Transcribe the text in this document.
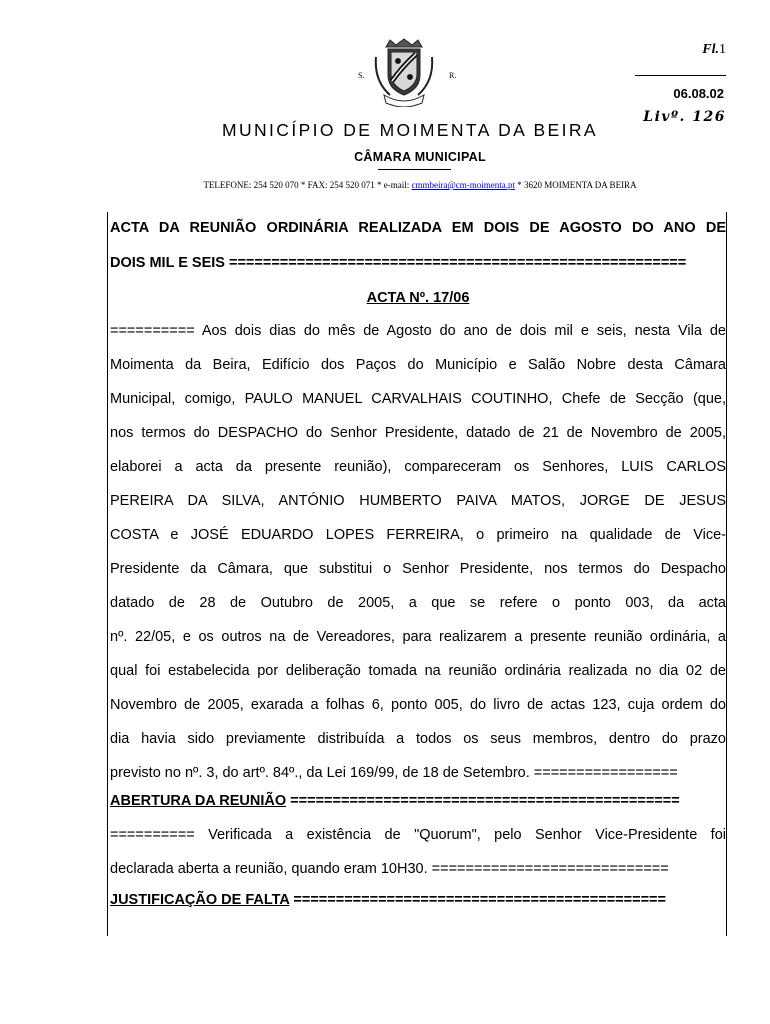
S.	R.
Fl.1
06.08.02
Livº. 126
MUNICÍPIO DE MOIMENTA DA BEIRA
CÂMARA MUNICIPAL
TELEFONE: 254 520 070 * FAX: 254 520 071 * e-mail: cmmbeira@cm-moimenta.pt * 3620 MOIMENTA DA BEIRA
ACTA DA REUNIÃO ORDINÁRIA REALIZADA EM DOIS DE AGOSTO DO ANO DE
DOIS MIL E SEIS ======================================================
ACTA Nº. 17/06
========== Aos dois dias do mês de Agosto do ano de dois mil e seis, nesta Vila de
Moimenta da Beira, Edifício dos Paços do Município e Salão Nobre desta Câmara
Municipal, comigo, PAULO MANUEL CARVALHAIS COUTINHO, Chefe de Secção (que,
nos termos do DESPACHO do Senhor Presidente, datado de 21 de Novembro de 2005,
elaborei a acta da presente reunião), compareceram os Senhores, LUIS CARLOS
PEREIRA DA SILVA, ANTÓNIO HUMBERTO PAIVA MATOS, JORGE DE JESUS
COSTA e JOSÉ EDUARDO LOPES FERREIRA, o primeiro na qualidade de Vice-
Presidente da Câmara, que substitui o Senhor Presidente, nos termos do Despacho
datado de 28 de Outubro de 2005, a que se refere o ponto 003, da acta
nº. 22/05, e os outros na de Vereadores, para realizarem a presente reunião ordinária, a
qual foi estabelecida por deliberação tomada na reunião ordinária realizada no dia 02 de
Novembro de 2005, exarada a folhas 6, ponto 005, do livro de actas 123, cuja ordem do
dia havia sido previamente distribuída a todos os seus membros, dentro do prazo
previsto no nº. 3, do artº. 84º., da Lei 169/99, de 18 de Setembro. =================
ABERTURA DA REUNIÃO ==============================================
========== Verificada a existência de "Quorum", pelo Senhor Vice-Presidente foi
declarada aberta a reunião, quando eram 10H30. ============================
JUSTIFICAÇÃO DE FALTA ============================================
